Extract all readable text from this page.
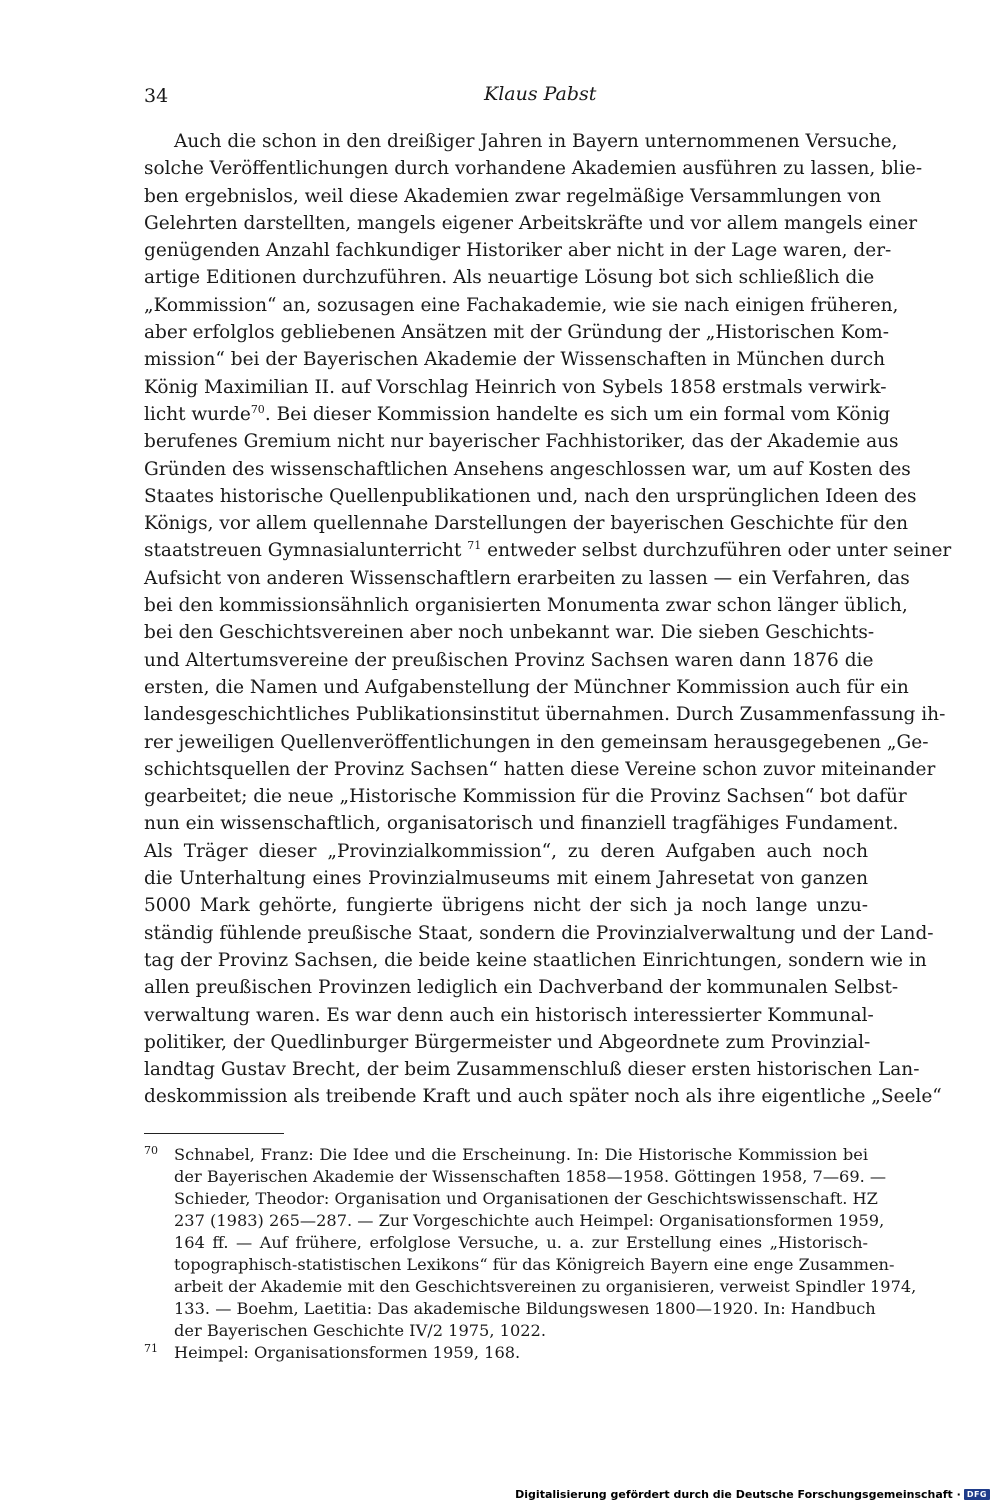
34	Klaus Pabst
Auch die schon in den dreißiger Jahren in Bayern unternommenen Versuche,
solche Veröffentlichungen durch vorhandene Akademien ausführen zu lassen, blie-
ben ergebnislos, weil diese Akademien zwar regelmäßige Versammlungen von
Gelehrten darstellten, mangels eigener Arbeitskräfte und vor allem mangels einer
genügenden Anzahl fachkundiger Historiker aber nicht in der Lage waren, der-
artige Editionen durchzuführen. Als neuartige Lösung bot sich schließlich die
„Kommission“ an, sozusagen eine Fachakademie, wie sie nach einigen früheren,
aber erfolglos gebliebenen Ansätzen mit der Gründung der „Historischen Kom-
mission“ bei der Bayerischen Akademie der Wissenschaften in München durch
König Maximilian II. auf Vorschlag Heinrich von Sybels 1858 erstmals verwirk-
licht wurde$^{70}$. Bei dieser Kommission handelte es sich um ein formal vom König
berufenes Gremium nicht nur bayerischer Fachhistoriker, das der Akademie aus
Gründen des wissenschaftlichen Ansehens angeschlossen war, um auf Kosten des
Staates historische Quellenpublikationen und, nach den ursprünglichen Ideen des
Königs, vor allem quellennahe Darstellungen der bayerischen Geschichte für den
staatstreuen Gymnasialunterricht $^{71}$ entweder selbst durchzuführen oder unter seiner
Aufsicht von anderen Wissenschaftlern erarbeiten zu lassen — ein Verfahren, das
bei den kommissionsähnlich organisierten Monumenta zwar schon länger üblich,
bei den Geschichtsvereinen aber noch unbekannt war. Die sieben Geschichts-
und Altertumsvereine der preußischen Provinz Sachsen waren dann 1876 die
ersten, die Namen und Aufgabenstellung der Münchner Kommission auch für ein
landesgeschichtliches Publikationsinstitut übernahmen. Durch Zusammenfassung ih-
rer jeweiligen Quellenveröffentlichungen in den gemeinsam herausgegebenen „Ge-
schichtsquellen der Provinz Sachsen“ hatten diese Vereine schon zuvor miteinander
gearbeitet; die neue „Historische Kommission für die Provinz Sachsen“ bot dafür
nun ein wissenschaftlich, organisatorisch und finanziell tragfähiges Fundament.
Als Träger dieser „Provinzialkommission“, zu deren Aufgaben auch noch
die Unterhaltung eines Provinzialmuseums mit einem Jahresetat von ganzen
5000 Mark gehörte, fungierte übrigens nicht der sich ja noch lange unzu-
ständig fühlende preußische Staat, sondern die Provinzialverwaltung und der Land-
tag der Provinz Sachsen, die beide keine staatlichen Einrichtungen, sondern wie in
allen preußischen Provinzen lediglich ein Dachverband der kommunalen Selbst-
verwaltung waren. Es war denn auch ein historisch interessierter Kommunal-
politiker, der Quedlinburger Bürgermeister und Abgeordnete zum Provinzial-
landtag Gustav Brecht, der beim Zusammenschluß dieser ersten historischen Lan-
deskommission als treibende Kraft und auch später noch als ihre eigentliche „Seele“
70 Schnabel, Franz: Die Idee und die Erscheinung. In: Die Historische Kommission bei
der Bayerischen Akademie der Wissenschaften 1858—1958. Göttingen 1958, 7—69. —
Schieder, Theodor: Organisation und Organisationen der Geschichtswissenschaft. HZ
237 (1983) 265—287. — Zur Vorgeschichte auch Heimpel: Organisationsformen 1959,
164 ff. — Auf frühere, erfolglose Versuche, u. a. zur Erstellung eines „Historisch-
topographisch-statistischen Lexikons“ für das Königreich Bayern eine enge Zusammen-
arbeit der Akademie mit den Geschichtsvereinen zu organisieren, verweist Spindler 1974,
133. — Boehm, Laetitia: Das akademische Bildungswesen 1800—1920. In: Handbuch
der Bayerischen Geschichte IV/2 1975, 1022.
71 Heimpel: Organisationsformen 1959, 168.
Digitalisierung gefördert durch die Deutsche Forschungsgemeinschaft · DFG
